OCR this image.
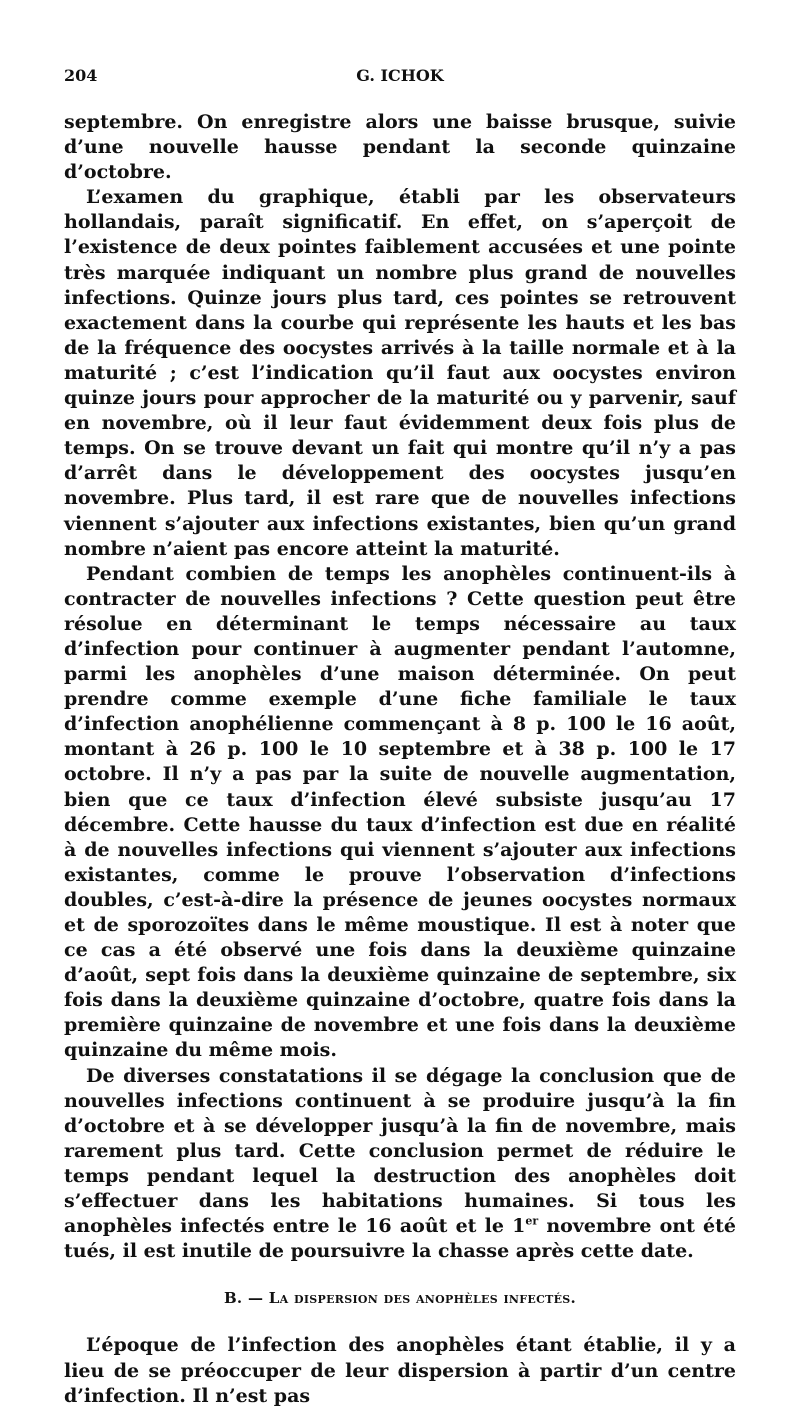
204	G. ICHOK

septembre. On enregistre alors une baisse brusque, suivie d’une nouvelle hausse pendant la seconde quinzaine d’octobre.

L’examen du graphique, établi par les observateurs hollandais, paraît significatif. En effet, on s’aperçoit de l’existence de deux pointes faiblement accusées et une pointe très marquée indiquant un nombre plus grand de nouvelles infections. Quinze jours plus tard, ces pointes se retrouvent exactement dans la courbe qui représente les hauts et les bas de la fréquence des oocystes arrivés à la taille normale et à la maturité ; c’est l’indication qu’il faut aux oocystes environ quinze jours pour approcher de la maturité ou y parvenir, sauf en novembre, où il leur faut évidemment deux fois plus de temps. On se trouve devant un fait qui montre qu’il n’y a pas d’arrêt dans le développement des oocystes jusqu’en novembre. Plus tard, il est rare que de nouvelles infections viennent s’ajouter aux infections existantes, bien qu’un grand nombre n’aient pas encore atteint la maturité.

Pendant combien de temps les anophèles continuent-ils à contracter de nouvelles infections ? Cette question peut être résolue en déterminant le temps nécessaire au taux d’infection pour continuer à augmenter pendant l’automne, parmi les anophèles d’une maison déterminée. On peut prendre comme exemple d’une fiche familiale le taux d’infection anophélienne commençant à 8 p. 100 le 16 août, montant à 26 p. 100 le 10 septembre et à 38 p. 100 le 17 octobre. Il n’y a pas par la suite de nouvelle augmentation, bien que ce taux d’infection élevé subsiste jusqu’au 17 décembre. Cette hausse du taux d’infection est due en réalité à de nouvelles infections qui viennent s’ajouter aux infections existantes, comme le prouve l’observation d’infections doubles, c’est-à-dire la présence de jeunes oocystes normaux et de sporozoïtes dans le même moustique. Il est à noter que ce cas a été observé une fois dans la deuxième quinzaine d’août, sept fois dans la deuxième quinzaine de septembre, six fois dans la deuxième quinzaine d’octobre, quatre fois dans la première quinzaine de novembre et une fois dans la deuxième quinzaine du même mois.

De diverses constatations il se dégage la conclusion que de nouvelles infections continuent à se produire jusqu’à la fin d’octobre et à se développer jusqu’à la fin de novembre, mais rarement plus tard. Cette conclusion permet de réduire le temps pendant lequel la destruction des anophèles doit s’effectuer dans les habitations humaines. Si tous les anophèles infectés entre le 16 août et le 1er novembre ont été tués, il est inutile de poursuivre la chasse après cette date.

B. — La dispersion des anophèles infectés.

L’époque de l’infection des anophèles étant établie, il y a lieu de se préoccuper de leur dispersion à partir d’un centre d’infection. Il n’est pas
